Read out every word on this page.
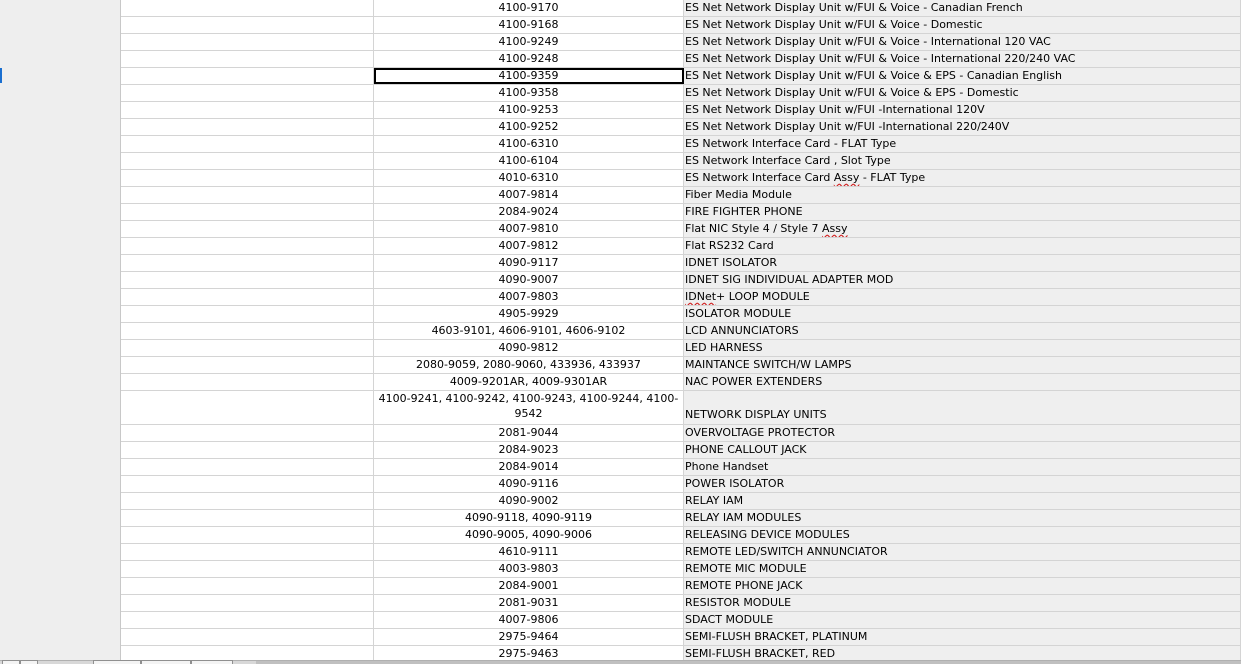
4100-9170	ES Net Network Display Unit w/FUI & Voice - Canadian French
4100-9168	ES Net Network Display Unit w/FUI & Voice - Domestic
4100-9249	ES Net Network Display Unit w/FUI & Voice - International 120 VAC
4100-9248	ES Net Network Display Unit w/FUI & Voice - International 220/240 VAC
4100-9359	ES Net Network Display Unit w/FUI & Voice & EPS - Canadian English
4100-9358	ES Net Network Display Unit w/FUI & Voice & EPS - Domestic
4100-9253	ES Net Network Display Unit w/FUI -International 120V
4100-9252	ES Net Network Display Unit w/FUI -International 220/240V
4100-6310	ES Network Interface Card - FLAT Type
4100-6104	ES Network Interface Card , Slot Type
4010-6310	ES Network Interface Card Assy - FLAT Type
4007-9814	Fiber Media Module
2084-9024	FIRE FIGHTER PHONE
4007-9810	Flat NIC Style 4 / Style 7 Assy
4007-9812	Flat RS232 Card
4090-9117	IDNET ISOLATOR
4090-9007	IDNET SIG INDIVIDUAL ADAPTER MOD
4007-9803	IDNet+ LOOP MODULE
4905-9929	ISOLATOR MODULE
4603-9101, 4606-9101, 4606-9102	LCD ANNUNCIATORS
4090-9812	LED HARNESS
2080-9059, 2080-9060, 433936, 433937	MAINTANCE SWITCH/W LAMPS
4009-9201AR, 4009-9301AR	NAC POWER EXTENDERS
4100-9241, 4100-9242, 4100-9243, 4100-9244, 4100-9542	NETWORK DISPLAY UNITS
2081-9044	OVERVOLTAGE PROTECTOR
2084-9023	PHONE CALLOUT JACK
2084-9014	Phone Handset
4090-9116	POWER ISOLATOR
4090-9002	RELAY IAM
4090-9118, 4090-9119	RELAY IAM MODULES
4090-9005, 4090-9006	RELEASING DEVICE MODULES
4610-9111	REMOTE LED/SWITCH ANNUNCIATOR
4003-9803	REMOTE MIC MODULE
2084-9001	REMOTE PHONE JACK
2081-9031	RESISTOR MODULE
4007-9806	SDACT MODULE
2975-9464	SEMI-FLUSH BRACKET, PLATINUM
2975-9463	SEMI-FLUSH BRACKET, RED
